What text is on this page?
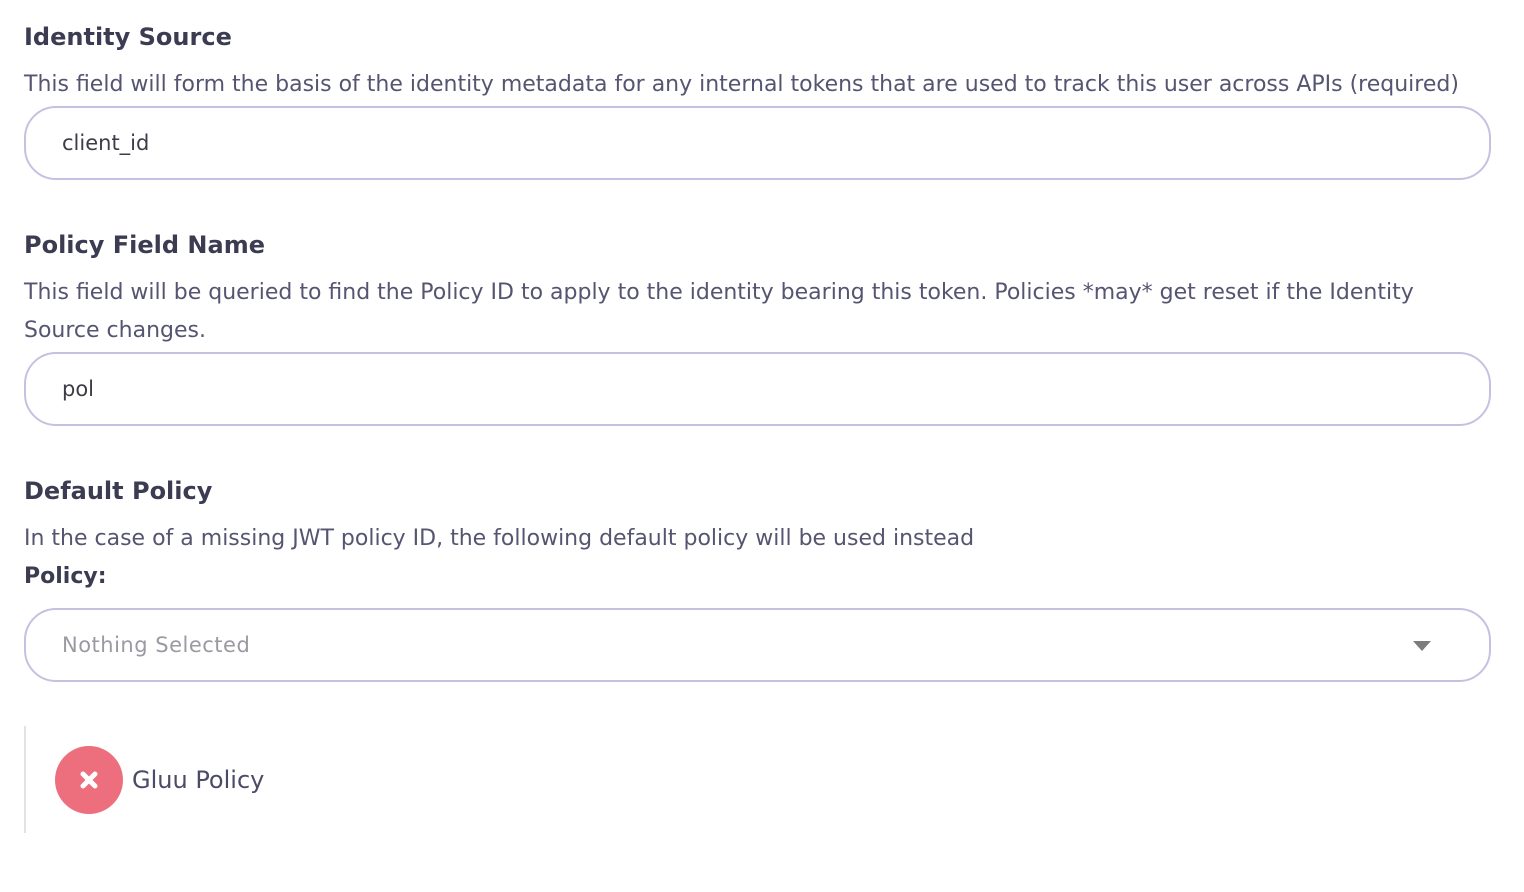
Identity Source
This field will form the basis of the identity metadata for any internal tokens that are used to track this user across APIs (required)
client_id
Policy Field Name
This field will be queried to find the Policy ID to apply to the identity bearing this token. Policies *may* get reset if the Identity Source changes.
pol
Default Policy
In the case of a missing JWT policy ID, the following default policy will be used instead
Policy:
Nothing Selected
Gluu Policy
